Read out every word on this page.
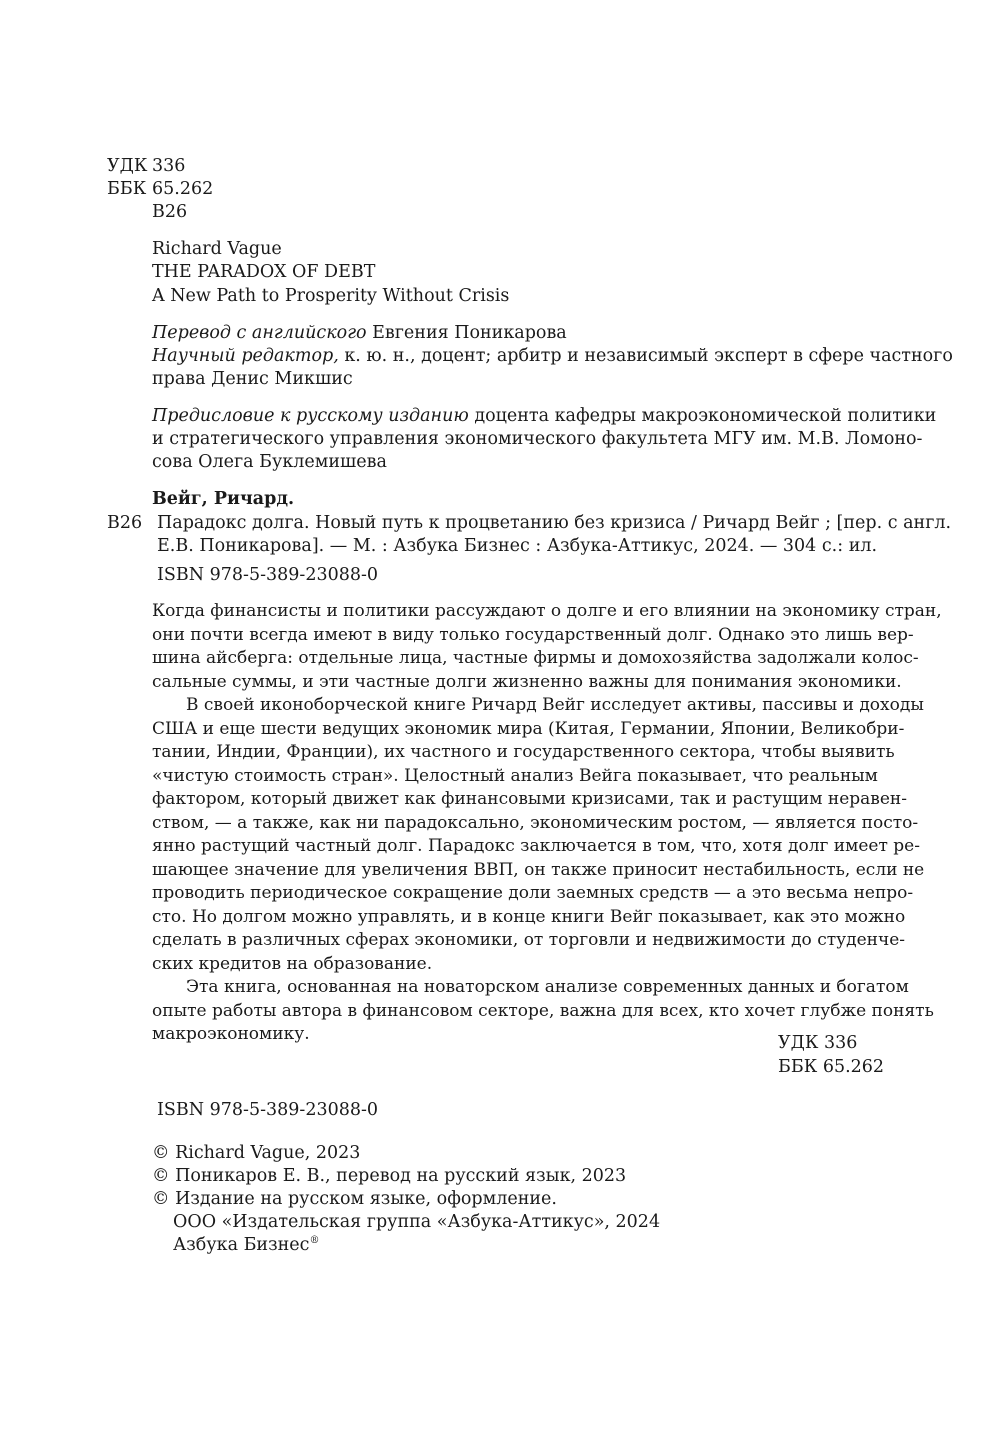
УДК 336
ББК 65.262
В26
Richard Vague
THE PARADOX OF DEBT
A New Path to Prosperity Without Crisis
Перевод с английского Евгения Поникарова
Научный редактор, к. ю. н., доцент; арбитр и независимый эксперт в сфере частного
права Денис Микшис
Предисловие к русскому изданию доцента кафедры макроэкономической политики
и стратегического управления экономического факультета МГУ им. М.В. Ломоно-
сова Олега Буклемишева
Вейг, Ричард.
В26 Парадокс долга. Новый путь к процветанию без кризиса / Ричард Вейг ; [пер. с англ.
Е.В. Поникарова]. — М. : Азбука Бизнес : Азбука-Аттикус, 2024. — 304 с.: ил.
ISBN 978-5-389-23088-0
Когда финансисты и политики рассуждают о долге и его влиянии на экономику стран,
они почти всегда имеют в виду только государственный долг. Однако это лишь вер-
шина айсберга: отдельные лица, частные фирмы и домохозяйства задолжали колос-
сальные суммы, и эти частные долги жизненно важны для понимания экономики.
В своей иконоборческой книге Ричард Вейг исследует активы, пассивы и доходы
США и еще шести ведущих экономик мира (Китая, Германии, Японии, Великобри-
тании, Индии, Франции), их частного и государственного сектора, чтобы выявить
«чистую стоимость стран». Целостный анализ Вейга показывает, что реальным
фактором, который движет как финансовыми кризисами, так и растущим неравен-
ством, — а также, как ни парадоксально, экономическим ростом, — является посто-
янно растущий частный долг. Парадокс заключается в том, что, хотя долг имеет ре-
шающее значение для увеличения ВВП, он также приносит нестабильность, если не
проводить периодическое сокращение доли заемных средств — а это весьма непро-
сто. Но долгом можно управлять, и в конце книги Вейг показывает, как это можно
сделать в различных сферах экономики, от торговли и недвижимости до студенче-
ских кредитов на образование.
Эта книга, основанная на новаторском анализе современных данных и богатом
опыте работы автора в финансовом секторе, важна для всех, кто хочет глубже понять
макроэкономику.	УДК 336
ББК 65.262
ISBN 978-5-389-23088-0
© Richard Vague, 2023
© Поникаров Е. В., перевод на русский язык, 2023
© Издание на русском языке, оформление.
ООО «Издательская группа «Азбука-Аттикус», 2024
Азбука Бизнес®
